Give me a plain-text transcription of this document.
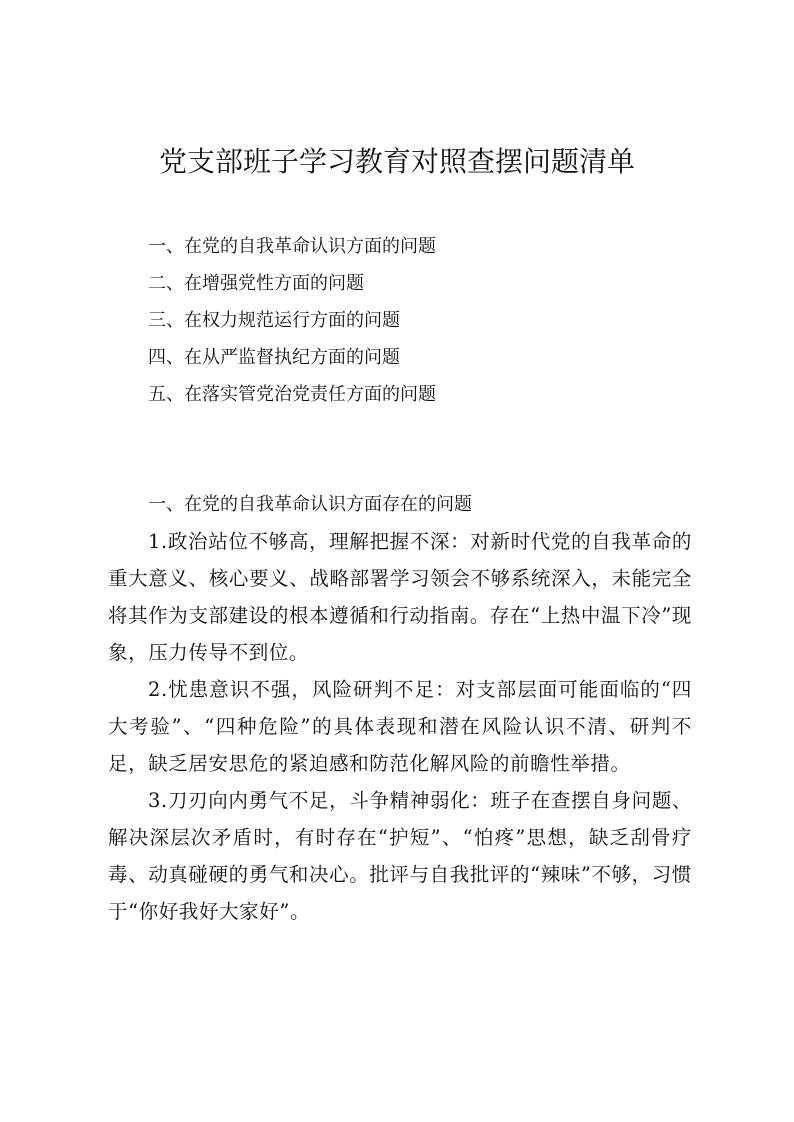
党支部班子学习教育对照查摆问题清单
一、在党的自我革命认识方面的问题
二、在增强党性方面的问题
三、在权力规范运行方面的问题
四、在从严监督执纪方面的问题
五、在落实管党治党责任方面的问题
一、在党的自我革命认识方面存在的问题

1.政治站位不够高，理解把握不深：对新时代党的自我革命的重大意义、核心要义、战略部署学习领会不够系统深入，未能完全将其作为支部建设的根本遵循和行动指南。存在“上热中温下冷”现象，压力传导不到位。

2.忧患意识不强，风险研判不足：对支部层面可能面临的“四大考验”、“四种危险”的具体表现和潜在风险认识不清、研判不足，缺乏居安思危的紧迫感和防范化解风险的前瞻性举措。

3.刀刃向内勇气不足，斗争精神弱化：班子在查摆自身问题、解决深层次矛盾时，有时存在“护短”、“怕疼”思想，缺乏刮骨疗毒、动真碰硬的勇气和决心。批评与自我批评的“辣味”不够，习惯于“你好我好大家好”。
